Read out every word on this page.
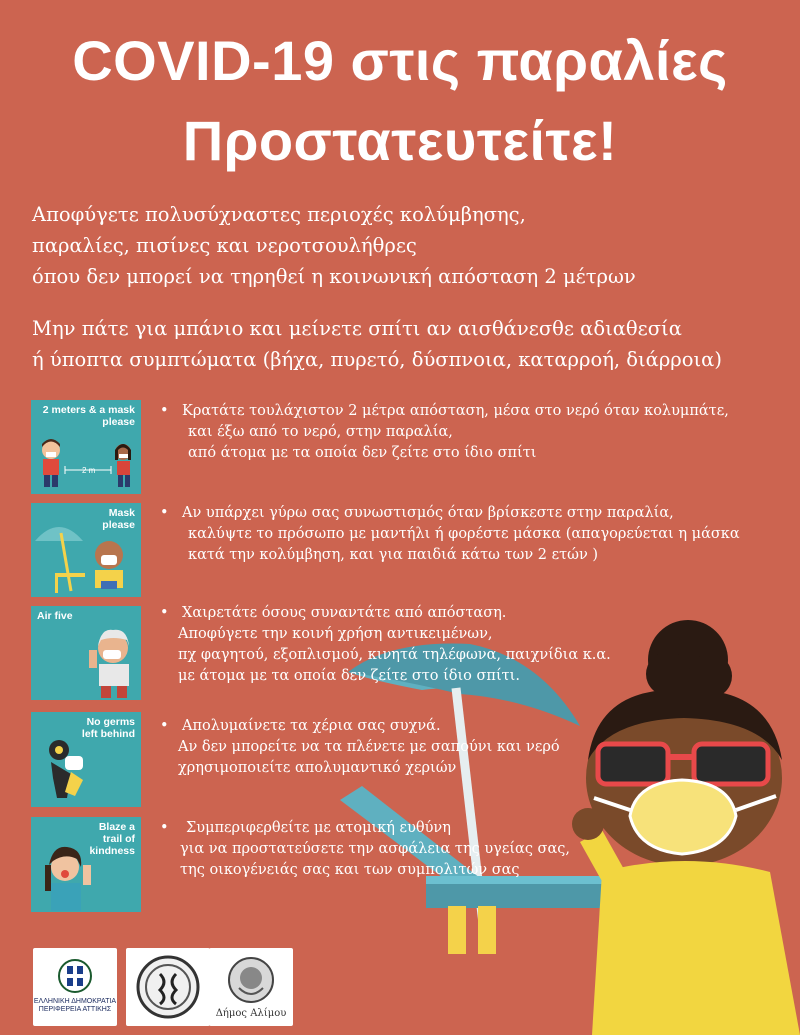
COVID-19 στις παραλίες
Προστατευτείτε!
Αποφύγετε πολυσύχναστες περιοχές κολύμβησης,
παραλίες, πισίνες και νεροτσουλήθρες
όπου δεν μπορεί να τηρηθεί η κοινωνική απόσταση 2 μέτρων
Μην πάτε για μπάνιο και μείνετε σπίτι αν αισθάνεσθε αδιαθεσία
ή ύποπτα συμπτώματα (βήχα, πυρετό, δύσπνοια, καταρροή, διάρροια)
2 m
2 meters & a mask
please
Mask
please
Air five
No germs
left behind
Blaze a
trail of
kindness
• Κρατάτε τουλάχιστον 2 μέτρα απόσταση, μέσα στο νερό όταν κολυμπάτε,
και έξω από το νερό, στην παραλία,
από άτομα με τα οποία δεν ζείτε στο ίδιο σπίτι
• Αν υπάρχει γύρω σας συνωστισμός όταν βρίσκεστε στην παραλία,
καλύψτε το πρόσωπο με μαντήλι ή φορέστε μάσκα (απαγορεύεται η μάσκα
κατά την κολύμβηση, και για παιδιά κάτω των 2 ετών )
• Χαιρετάτε όσους συναντάτε από απόσταση.
Αποφύγετε την κοινή χρήση αντικειμένων,
πχ φαγητού, εξοπλισμού, κινητά τηλέφωνα, παιχνίδια κ.α.
με άτομα με τα οποία δεν ζείτε στο ίδιο σπίτι.
• Απολυμαίνετε τα χέρια σας συχνά.
Αν δεν μπορείτε να τα πλένετε με σαπούνι και νερό
χρησιμοποιείτε απολυμαντικό χεριών
• Συμπεριφερθείτε με ατομική ευθύνη
για να προστατεύσετε την ασφάλεια της υγείας σας,
της οικογένειάς σας και των συμπολιτών σας
ΕΛΛΗΝΙΚΗ ΔΗΜΟΚΡΑΤΙΑ
ΠΕΡΙΦΕΡΕΙΑ ΑΤΤΙΚΗΣ	Δήμος Αλίμου
